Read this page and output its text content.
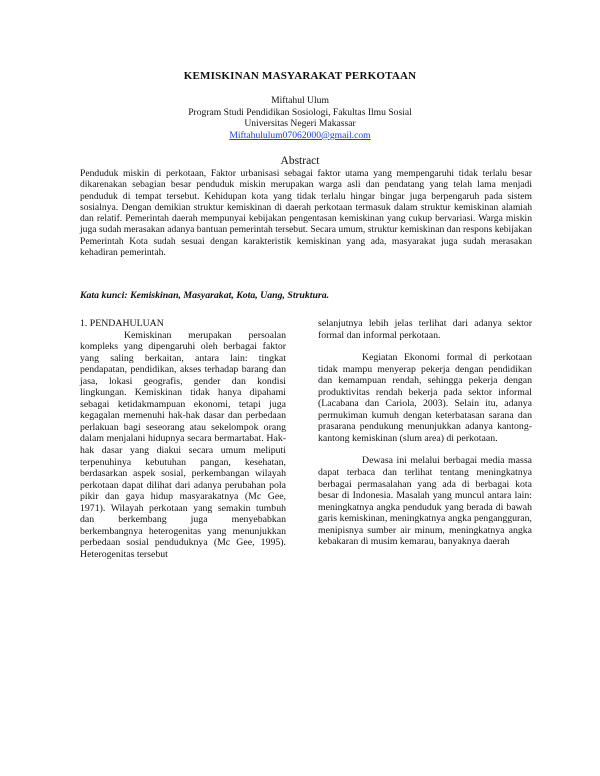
KEMISKINAN MASYARAKAT PERKOTAAN
Miftahul Ulum
Program Studi Pendidikan Sosiologi, Fakultas Ilmu Sosial
Universitas Negeri Makassar
Miftahululum07062000@gmail.com
Abstract
Penduduk miskin di perkotaan, Faktor urbanisasi sebagai faktor utama yang mempengaruhi tidak terlalu besar dikarenakan sebagian besar penduduk miskin merupakan warga asli dan pendatang yang telah lama menjadi penduduk di tempat tersebut. Kehidupan kota yang tidak terlalu hingar bingar juga berpengaruh pada sistem sosialnya. Dengan demikian struktur kemiskinan di daerah perkotaan termasuk dalam struktur kemiskinan alamiah dan relatif. Pemerintah daerah mempunyai kebijakan pengentasan kemiskinan yang cukup bervariasi. Warga miskin juga sudah merasakan adanya bantuan pemerintah tersebut. Secara umum, struktur kemiskinan dan respons kebijakan Pemerintah Kota sudah sesuai dengan karakteristik kemiskinan yang ada, masyarakat juga sudah merasakan kehadiran pemerintah.
Kata kunci: Kemiskinan, Masyarakat, Kota, Uang, Struktura.

1. PENDAHULUAN

Kemiskinan merupakan persoalan kompleks yang dipengaruhi oleh berbagai faktor yang saling berkaitan, antara lain: tingkat pendapatan, pendidikan, akses terhadap barang dan jasa, lokasi geografis, gender dan kondisi lingkungan. Kemiskinan tidak hanya dipahami sebagai ketidakmampuan ekonomi, tetapi juga kegagalan memenuhi hak-hak dasar dan perbedaan perlakuan bagi seseorang atau sekelompok orang dalam menjalani hidupnya secara bermartabat. Hak-hak dasar yang diakui secara umum meliputi terpenuhinya kebutuhan pangan, kesehatan, berdasarkan aspek sosial, perkembangan wilayah perkotaan dapat dilihat dari adanya perubahan pola pikir dan gaya hidup masyarakatnya (Mc Gee, 1971). Wilayah perkotaan yang semakin tumbuh dan berkembang juga menyebabkan berkembangnya heterogenitas yang menunjukkan perbedaan sosial penduduknya (Mc Gee, 1995). Heterogenitas tersebut

selanjutnya lebih jelas terlihat dari adanya sektor formal dan informal perkotaan.

Kegiatan Ekonomi formal di perkotaan tidak mampu menyerap pekerja dengan pendidikan dan kemampuan rendah, sehingga pekerja dengan produktivitas rendah bekerja pada sektor informal (Lacabana dan Cariola, 2003). Selain itu, adanya permukiman kumuh dengan keterbatasan sarana dan prasarana pendukung menunjukkan adanya kantong-kantong kemiskinan (slum area) di perkotaan.

Dewasa ini melalui berbagai media massa dapat terbaca dan terlihat tentang meningkatnya berbagai permasalahan yang ada di berbagai kota besar di Indonesia. Masalah yang muncul antara lain: meningkatnya angka penduduk yang berada di bawah garis kemiskinan, meningkatnya angka pengangguran, menipisnya sumber air minum, meningkatnya angka kebakaran di musim kemarau, banyaknya daerah
